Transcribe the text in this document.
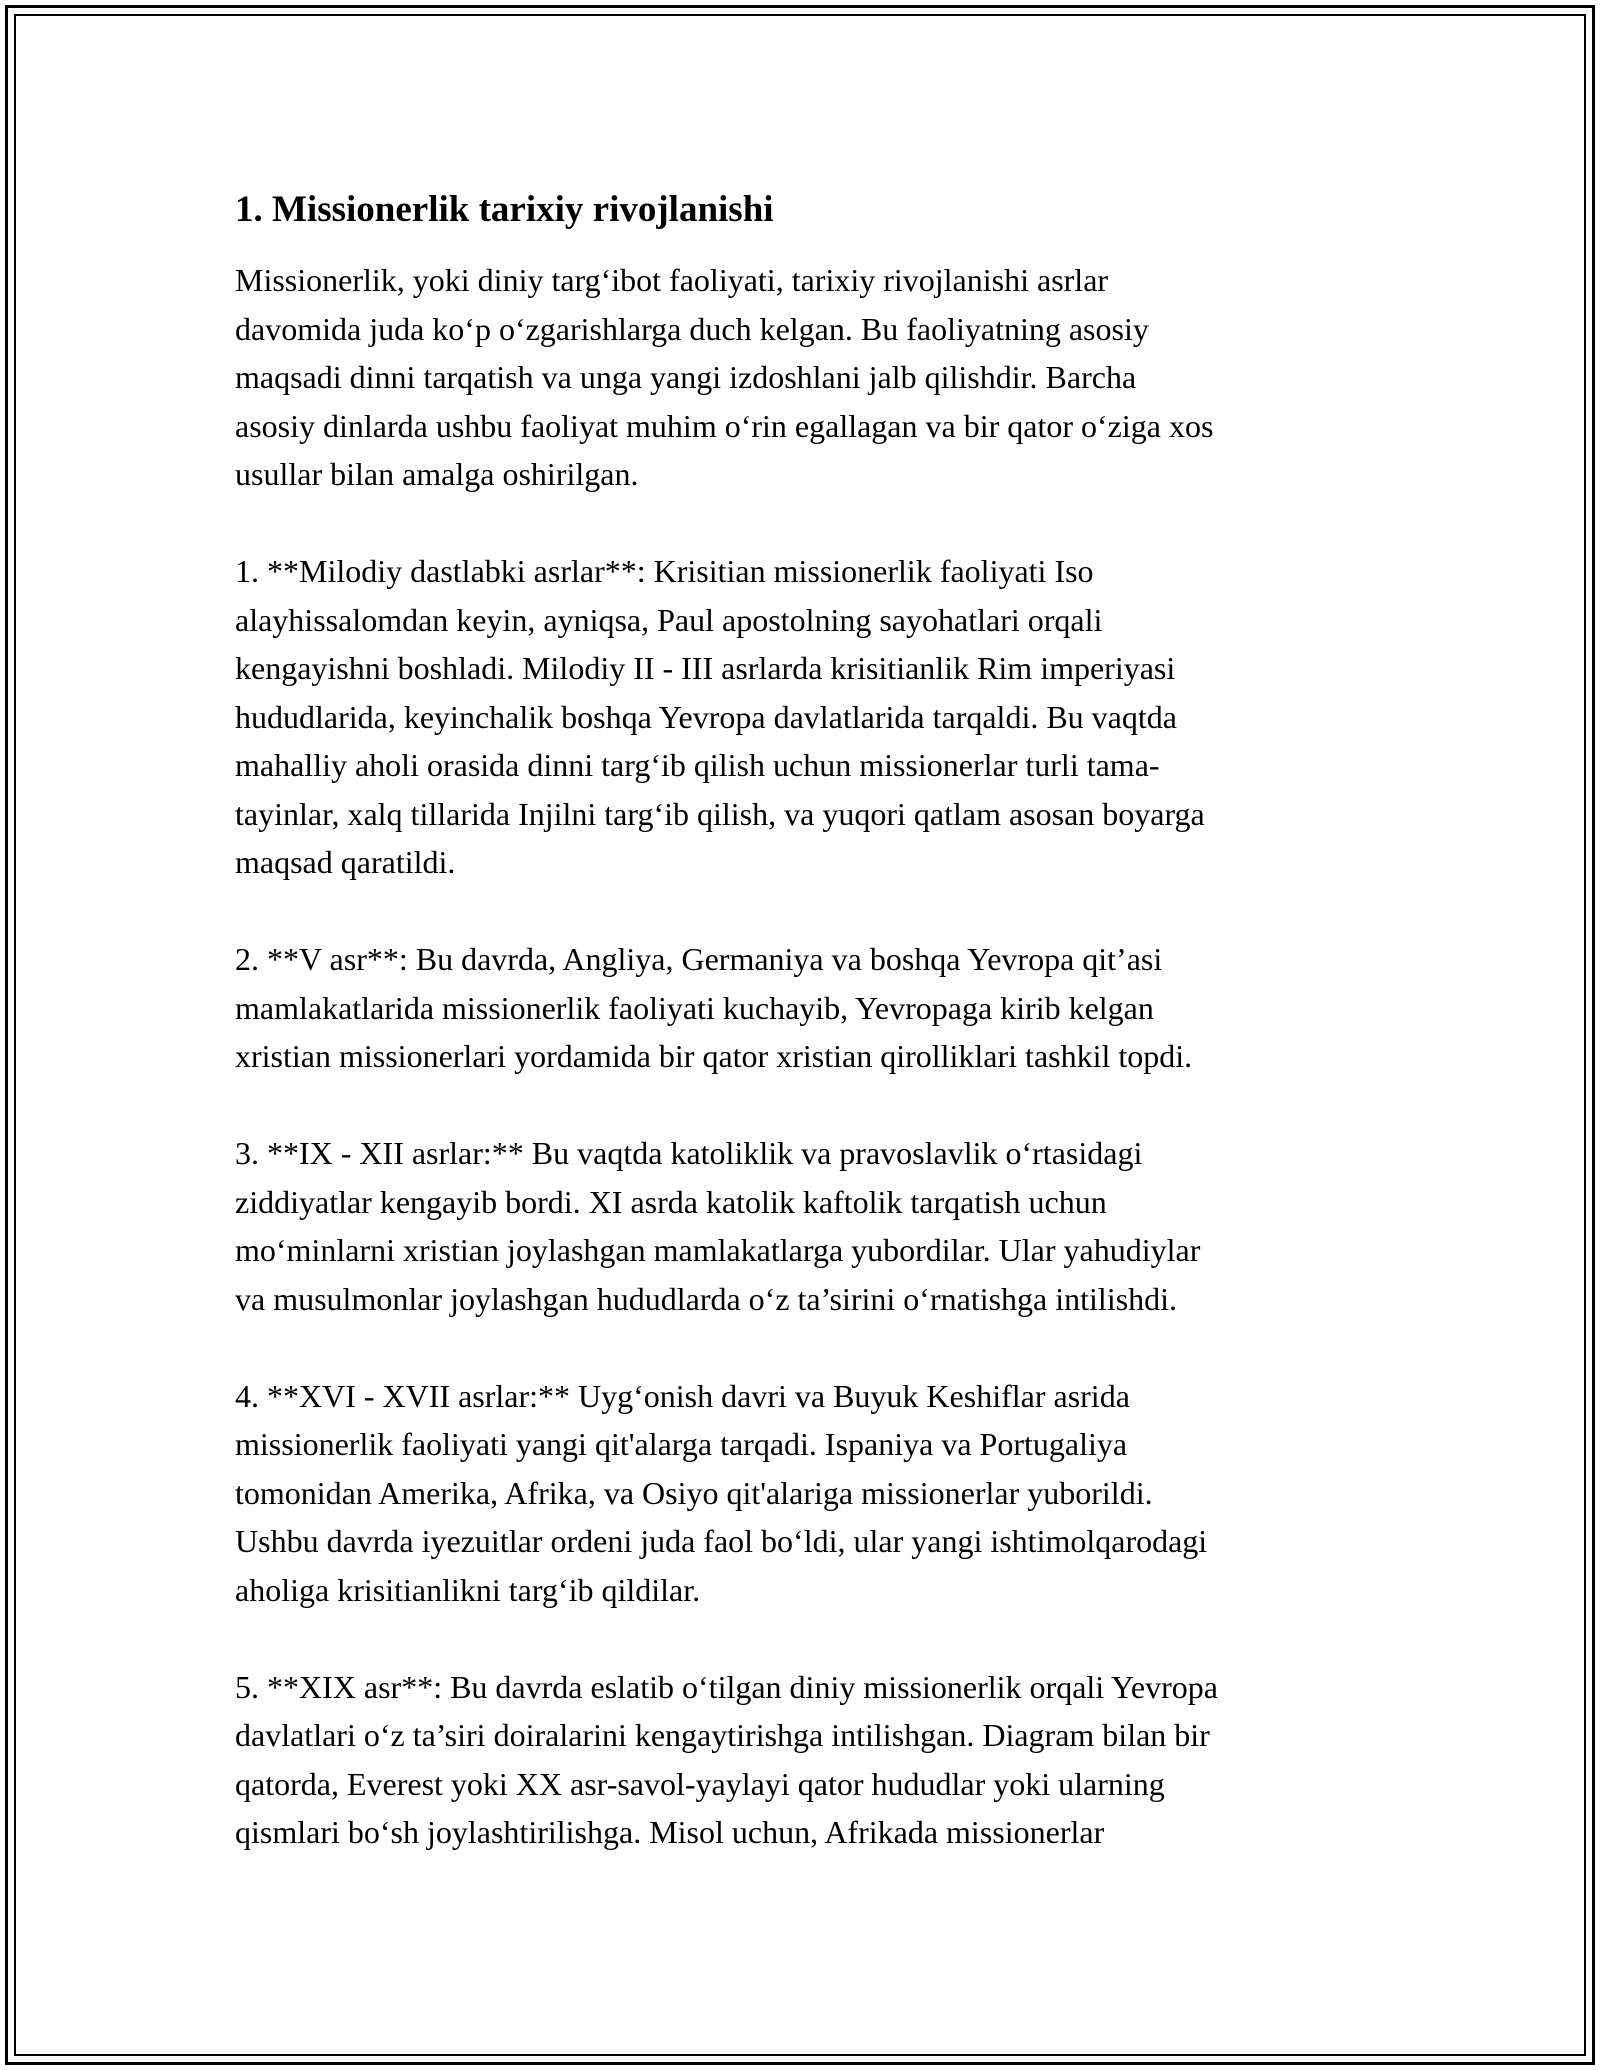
1. Missionerlik tarixiy rivojlanishi
Missionerlik, yoki diniy targ‘ibot faoliyati, tarixiy rivojlanishi asrlar
davomida juda ko‘p o‘zgarishlarga duch kelgan. Bu faoliyatning asosiy
maqsadi dinni tarqatish va unga yangi izdoshlani jalb qilishdir. Barcha
asosiy dinlarda ushbu faoliyat muhim o‘rin egallagan va bir qator o‘ziga xos
usullar bilan amalga oshirilgan.
1. **Milodiy dastlabki asrlar**: Krisitian missionerlik faoliyati Iso
alayhissalomdan keyin, ayniqsa, Paul apostolning sayohatlari orqali
kengayishni boshladi. Milodiy II - III asrlarda krisitianlik Rim imperiyasi
hududlarida, keyinchalik boshqa Yevropa davlatlarida tarqaldi. Bu vaqtda
mahalliy aholi orasida dinni targ‘ib qilish uchun missionerlar turli tama-
tayinlar, xalq tillarida Injilni targ‘ib qilish, va yuqori qatlam asosan boyarga
maqsad qaratildi.
2. **V asr**: Bu davrda, Angliya, Germaniya va boshqa Yevropa qit’asi
mamlakatlarida missionerlik faoliyati kuchayib, Yevropaga kirib kelgan
xristian missionerlari yordamida bir qator xristian qirolliklari tashkil topdi.
3. **IX - XII asrlar:** Bu vaqtda katoliklik va pravoslavlik o‘rtasidagi
ziddiyatlar kengayib bordi. XI asrda katolik kaftolik tarqatish uchun
mo‘minlarni xristian joylashgan mamlakatlarga yubordilar. Ular yahudiylar
va musulmonlar joylashgan hududlarda o‘z ta’sirini o‘rnatishga intilishdi.
4. **XVI - XVII asrlar:** Uyg‘onish davri va Buyuk Keshiflar asrida
missionerlik faoliyati yangi qit'alarga tarqadi. Ispaniya va Portugaliya
tomonidan Amerika, Afrika, va Osiyo qit'alariga missionerlar yuborildi.
Ushbu davrda iyezuitlar ordeni juda faol bo‘ldi, ular yangi ishtimolqarodagi
aholiga krisitianlikni targ‘ib qildilar.
5. **XIX asr**: Bu davrda eslatib o‘tilgan diniy missionerlik orqali Yevropa
davlatlari o‘z ta’siri doiralarini kengaytirishga intilishgan. Diagram bilan bir
qatorda, Everest yoki XX asr-savol-yaylayi qator hududlar yoki ularning
qismlari bo‘sh joylashtirilishga. Misol uchun, Afrikada missionerlar
